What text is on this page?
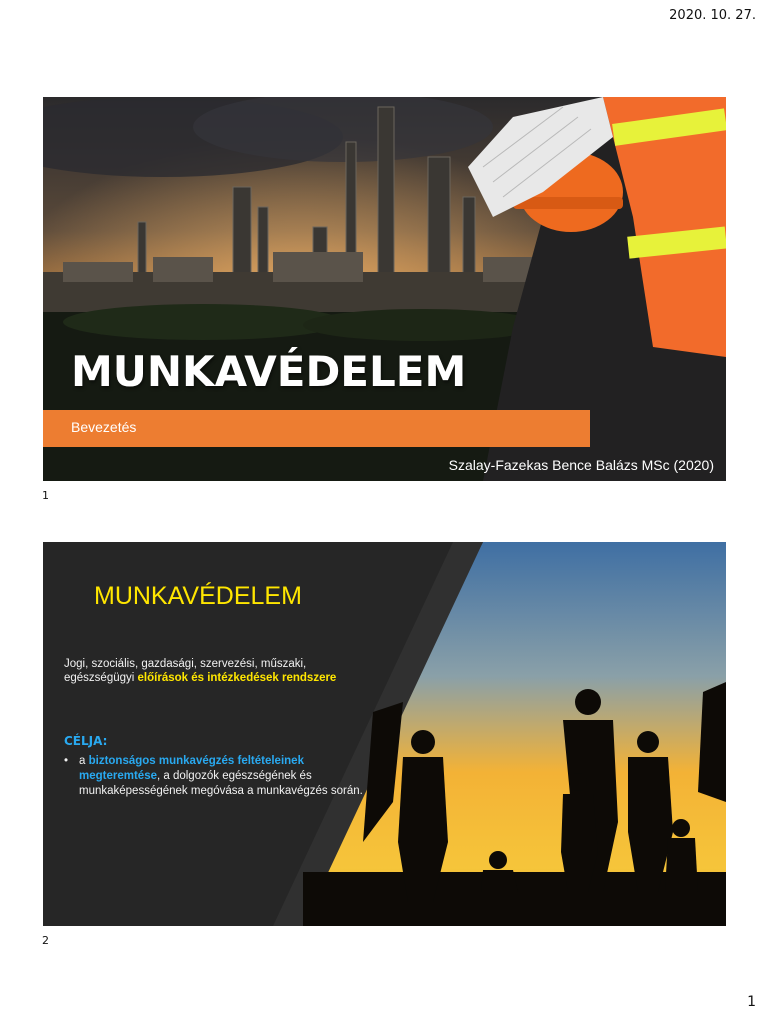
2020. 10. 27.
MUNKAVÉDELEM
Bevezetés
Szalay-Fazekas Bence Balázs MSc (2020)
1
MUNKAVÉDELEM
Jogi, szociális, gazdasági, szervezési, műszaki, egészségügyi előírások és intézkedések rendszere
CÉLJA:
• a biztonságos munkavégzés feltételeinek megteremtése, a dolgozók egészségének és munkaképességének megóvása a munkavégzés során.
2
1
